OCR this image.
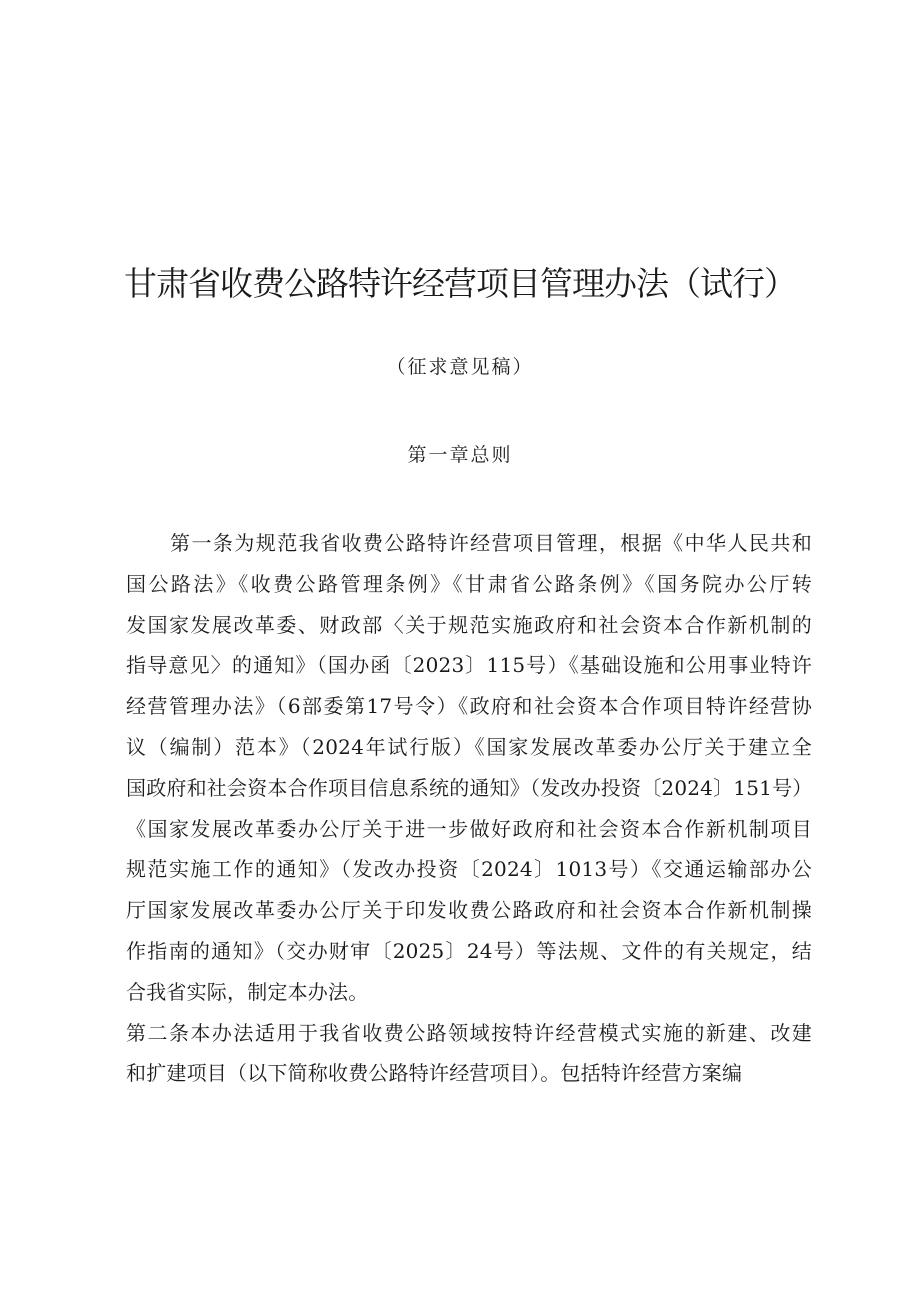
甘肃省收费公路特许经营项目管理办法（试行）
（征求意见稿）
第一章总则
第一条为规范我省收费公路特许经营项目管理，根据《中华人民共和
国公路法》《收费公路管理条例》《甘肃省公路条例》《国务院办公厅转
发国家发展改革委、财政部〈关于规范实施政府和社会资本合作新机制的
指导意见〉的通知》（国办函〔2023〕115号）《基础设施和公用事业特许
经营管理办法》（6部委第17号令）《政府和社会资本合作项目特许经营协
议（编制）范本》（2024年试行版）《国家发展改革委办公厅关于建立全
国政府和社会资本合作项目信息系统的通知》（发改办投资〔2024〕151号）
《国家发展改革委办公厅关于进一步做好政府和社会资本合作新机制项目
规范实施工作的通知》（发改办投资〔2024〕1013号）《交通运输部办公
厅国家发展改革委办公厅关于印发收费公路政府和社会资本合作新机制操
作指南的通知》（交办财审〔2025〕24号）等法规、文件的有关规定，结
合我省实际，制定本办法。
第二条本办法适用于我省收费公路领域按特许经营模式实施的新建、改建
和扩建项目（以下简称收费公路特许经营项目）。包括特许经营方案编
